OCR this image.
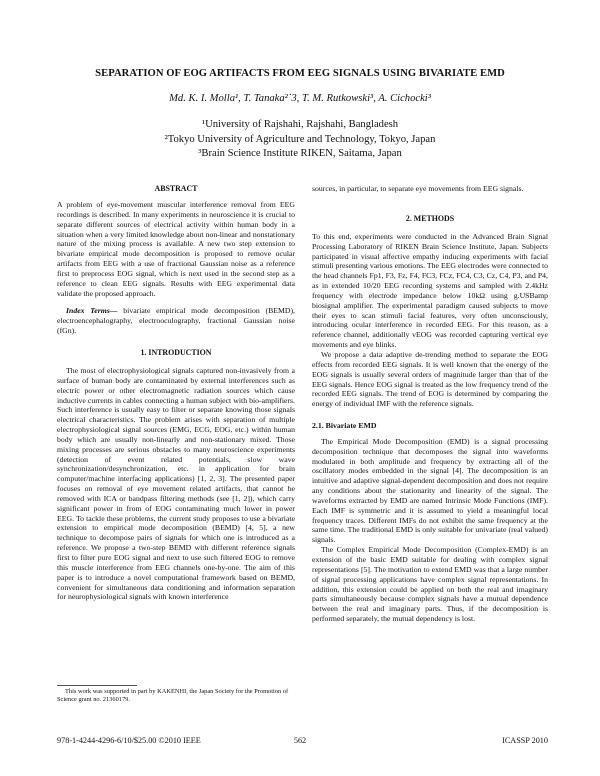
SEPARATION OF EOG ARTIFACTS FROM EEG SIGNALS USING BIVARIATE EMD
Md. K. I. Molla¹, T. Tanaka²˙3, T. M. Rutkowski³, A. Cichocki³
¹University of Rajshahi, Rajshahi, Bangladesh
²Tokyo University of Agriculture and Technology, Tokyo, Japan
³Brain Science Institute RIKEN, Saitama, Japan
ABSTRACT

A problem of eye-movement muscular interference removal from EEG recordings is described. In many experiments in neuroscience it is crucial to separate different sources of electrical activity within human body in a situation when a very limited knowledge about non-linear and nonstationary nature of the mixing process is available. A new two step extension to bivariate empirical mode decomposition is proposed to remove ocular artifacts from EEG with a use of fractional Gaussian noise as a reference first to preprocess EOG signal, which is next used in the second step as a reference to clean EEG signals. Results with EEG experimental data validate the proposed approach.

Index Terms— bivariate empirical mode decomposition (BEMD), electroencephalography, electrooculography, fractional Gaussian noise (fGn).

1. INTRODUCTION

The most of electrophysiological signals captured non-invasively from a surface of human body are contaminated by external interferences such as electric power or other electromagnetic radiation sources which cause inductive currents in cables connecting a human subject with bio-amplifiers. Such interference is usually easy to filter or separate knowing those signals electrical characteristics. The problem arises with separation of multiple electrophysiological signal sources (EMG, ECG, EOG, etc.) within human body which are usually non-linearly and non-stationary mixed. Those mixing processes are serious obstacles to many neuroscience experiments (detection of event related potentials, slow wave synchronization/desynchronization, etc. in application for brain computer/machine interfacing applications) [1, 2, 3]. The presented paper focuses on removal of eye movement related artifacts, that cannot be removed with ICA or bandpass filtering methods (see [1, 2]), which carry significant power in from of EOG contaminating much lower in power EEG. To tackle these problems, the current study proposes to use a bivariate extension to empirical mode decomposition (BEMD) [4, 5], a new technique to decompose pairs of signals for which one is introduced as a reference. We propose a two-step BEMD with different reference signals first to filter pure EOG signal and next to use such filtered EOG to remove this muscle interference from EEG channels one-by-one. The aim of this paper is to introduce a novel computational framework based on BEMD, convenient for simultaneous data conditioning and information separation for neurophysiological signals with known interference

This work was supported in part by KAKENHI, the Japan Society for the Promotion of Science grant no. 21360179.

sources, in particular, to separate eye movements from EEG signals.

2. METHODS

To this end, experiments were conducted in the Advanced Brain Signal Processing Laboratory of RIKEN Brain Science Institute, Japan. Subjects participated in visual affective empathy inducing experiments with facial stimuli presenting various emotions. The EEG electrodes were connected to the head channels Fp1, F3, Fz, F4, FC3, FCz, FC4, C3, Cz, C4, P3, and P4, as in extended 10/20 EEG recording systems and sampled with 2.4kHz frequency with electrode impedance below 10kΩ using g.USBamp biosignal amplifier. The experimental paradigm caused subjects to move their eyes to scan stimuli facial features, very often unconsciously, introducing ocular interference in recorded EEG. For this reason, as a reference channel, additionally vEOG was recorded capturing vertical eye movements and eye blinks.

We propose a data adaptive de-trending method to separate the EOG effects from recorded EEG signals. It is well known that the energy of the EOG signals is usually several orders of magnitude larger than that of the EEG signals. Hence EOG signal is treated as the low frequency trend of the recorded EEG signals. The trend of EOG is determined by comparing the energy of individual IMF with the reference signals.

2.1. Bivariate EMD

The Empirical Mode Decomposition (EMD) is a signal processing decomposition technique that decomposes the signal into waveforms modulated in both amplitude and frequency by extracting all of the oscillatory modes embedded in the signal [4]. The decomposition is an intuitive and adaptive signal-dependent decomposition and does not require any conditions about the stationarity and linearity of the signal. The waveforms extracted by EMD are named Intrinsic Mode Functions (IMF). Each IMF is symmetric and it is assumed to yield a meaningful local frequency traces. Different IMFs do not exhibit the same frequency at the same time. The traditional EMD is only suitable for univariate (real valued) signals.

The Complex Empirical Mode Decomposition (Complex-EMD) is an extension of the basic EMD suitable for dealing with complex signal representations [5]. The motivation to extend EMD was that a large number of signal processing applications have complex signal representations. In addition, this extension could be applied on both the real and imaginary parts simultaneously because complex signals have a mutual dependence between the real and imaginary parts. Thus, if the decomposition is performed separately, the mutual dependency is lost.

978-1-4244-4296-6/10/$25.00 ©2010 IEEE	562	ICASSP 2010
